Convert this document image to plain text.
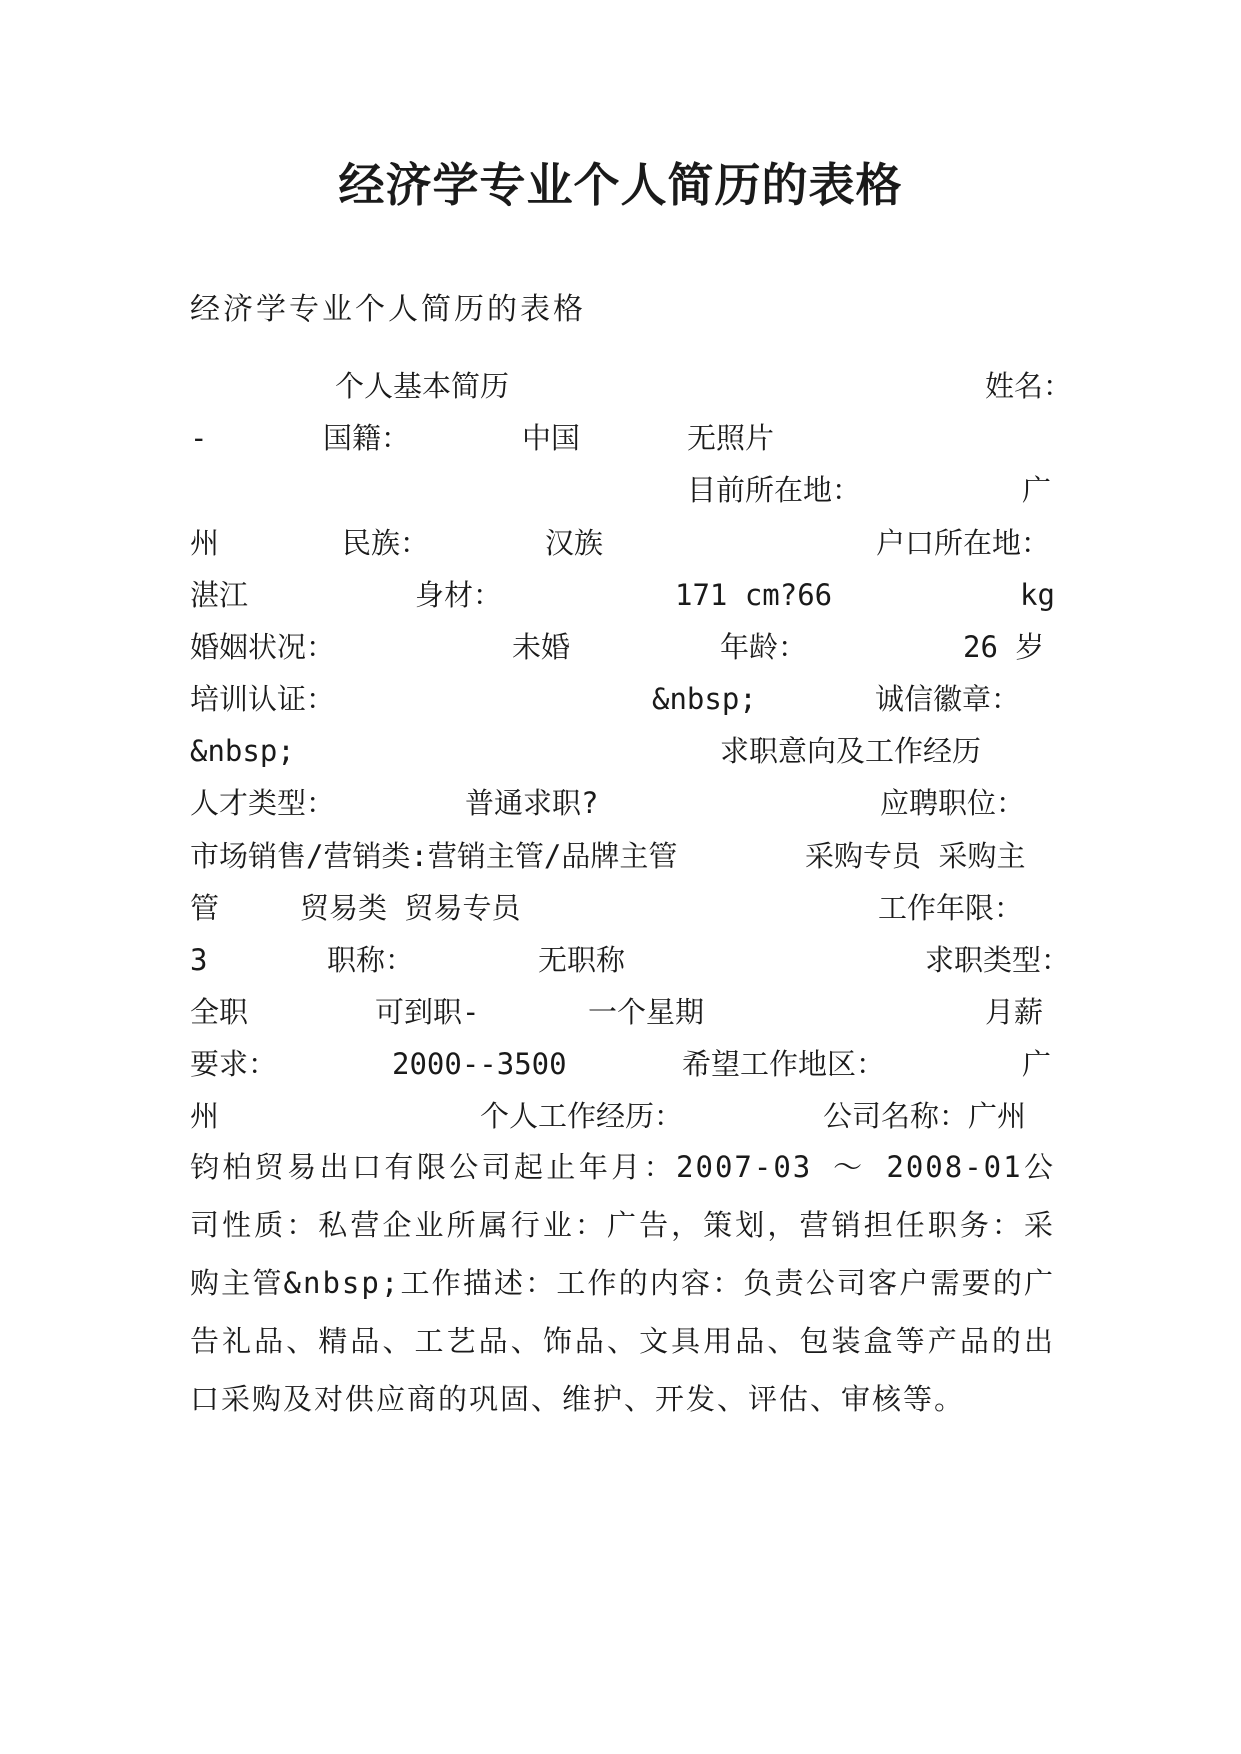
经济学专业个人简历的表格
经济学专业个人简历的表格
个人基本简历	姓名：
-	国籍：	中国	无照片
目前所在地：	广
州	民族：	汉族	户口所在地：
湛江	身材：	171 cm?66	kg
婚姻状况：	未婚	年龄：	26 岁
培训认证：	&nbsp;	诚信徽章：
&nbsp;	求职意向及工作经历
人才类型：	普通求职?	应聘职位：
市场销售/营销类:营销主管/品牌主管	采购专员 采购主
管	贸易类 贸易专员	工作年限：
3	职称：	无职称	求职类型：
全职	可到职-	一个星期	月薪
要求：	2000--3500	希望工作地区：	广
州	个人工作经历：	公司名称：广州
钧柏贸易出口有限公司起止年月：2007-03 ～ 2008-01公司性质：私营企业所属行业：广告，策划，营销担任职务：采购主管&nbsp;工作描述：工作的内容：负责公司客户需要的广告礼品、精品、工艺品、饰品、文具用品、包装盒等产品的出口采购及对供应商的巩固、维护、开发、评估、审核等。
